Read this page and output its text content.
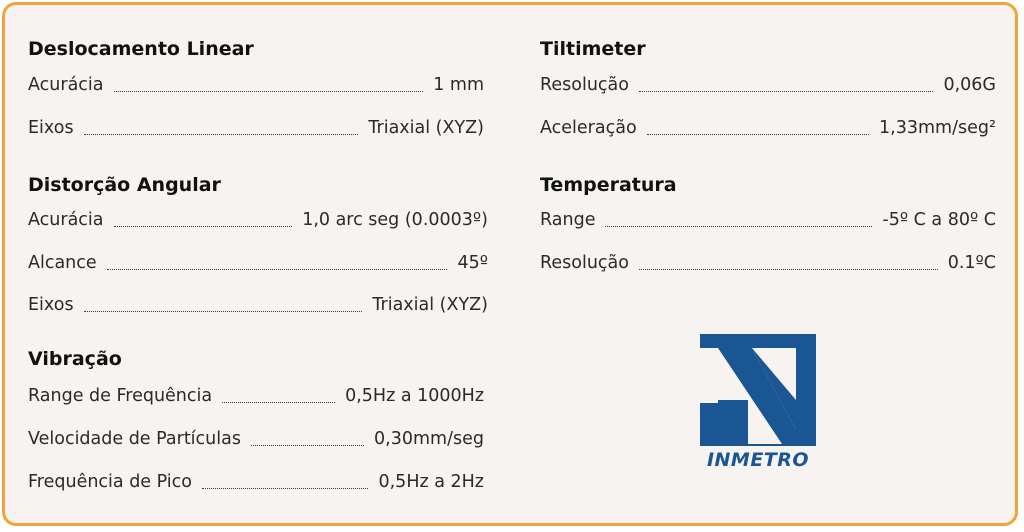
Deslocamento Linear
Acurácia	1 mm
Eixos	Triaxial (XYZ)
Distorção Angular
Acurácia	1,0 arc seg (0.0003º)
Alcance	45º
Eixos	Triaxial (XYZ)
Vibração
Range de Frequência	0,5Hz a 1000Hz
Velocidade de Partículas	0,30mm/seg
Frequência de Pico	0,5Hz a 2Hz
Tiltimeter
Resolução	0,06G
Aceleração	1,33mm/seg²
Temperatura
Range	-5º C a 80º C
Resolução	0.1ºC
INMETRO
